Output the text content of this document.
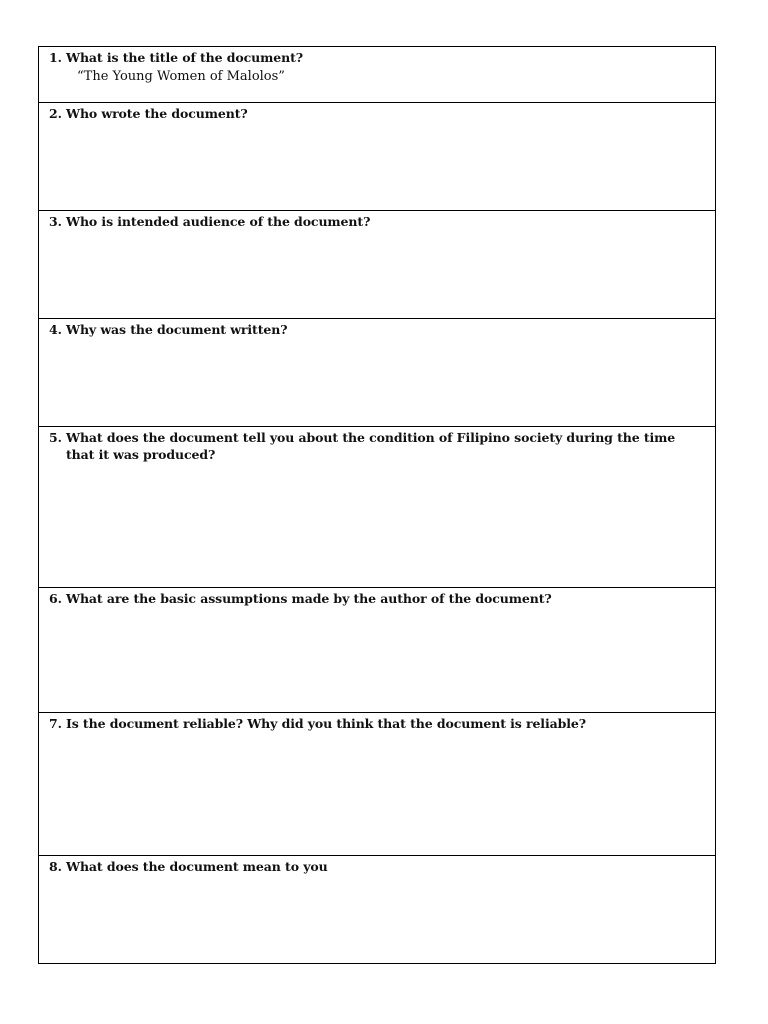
1. What is the title of the document?
“The Young Women of Malolos”
2. Who wrote the document?
3. Who is intended audience of the document?
4. Why was the document written?
5. What does the document tell you about the condition of Filipino society during the time that it was produced?
6. What are the basic assumptions made by the author of the document?
7. Is the document reliable? Why did you think that the document is reliable?
8. What does the document mean to you
